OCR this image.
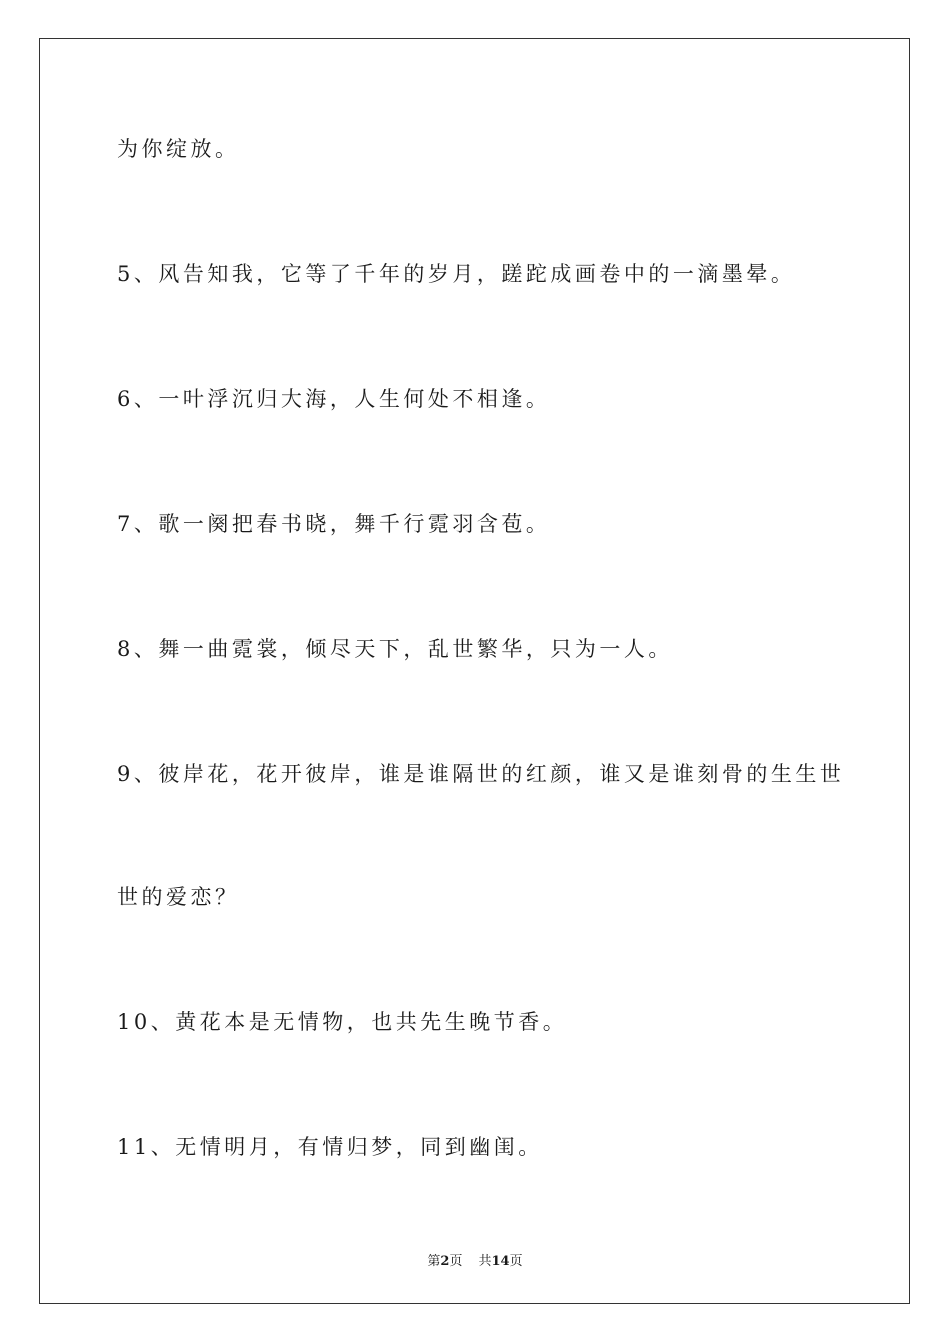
为你绽放。
5、风告知我，它等了千年的岁月，蹉跎成画卷中的一滴墨晕。
6、一叶浮沉归大海，人生何处不相逢。
7、歌一阕把春书晓，舞千行霓羽含苞。
8、舞一曲霓裳，倾尽天下，乱世繁华，只为一人。
9、彼岸花，花开彼岸，谁是谁隔世的红颜，谁又是谁刻骨的生生世
世的爱恋？
10、黄花本是无情物，也共先生晚节香。
11、无情明月，有情归梦，同到幽闺。
第2页 共14页
